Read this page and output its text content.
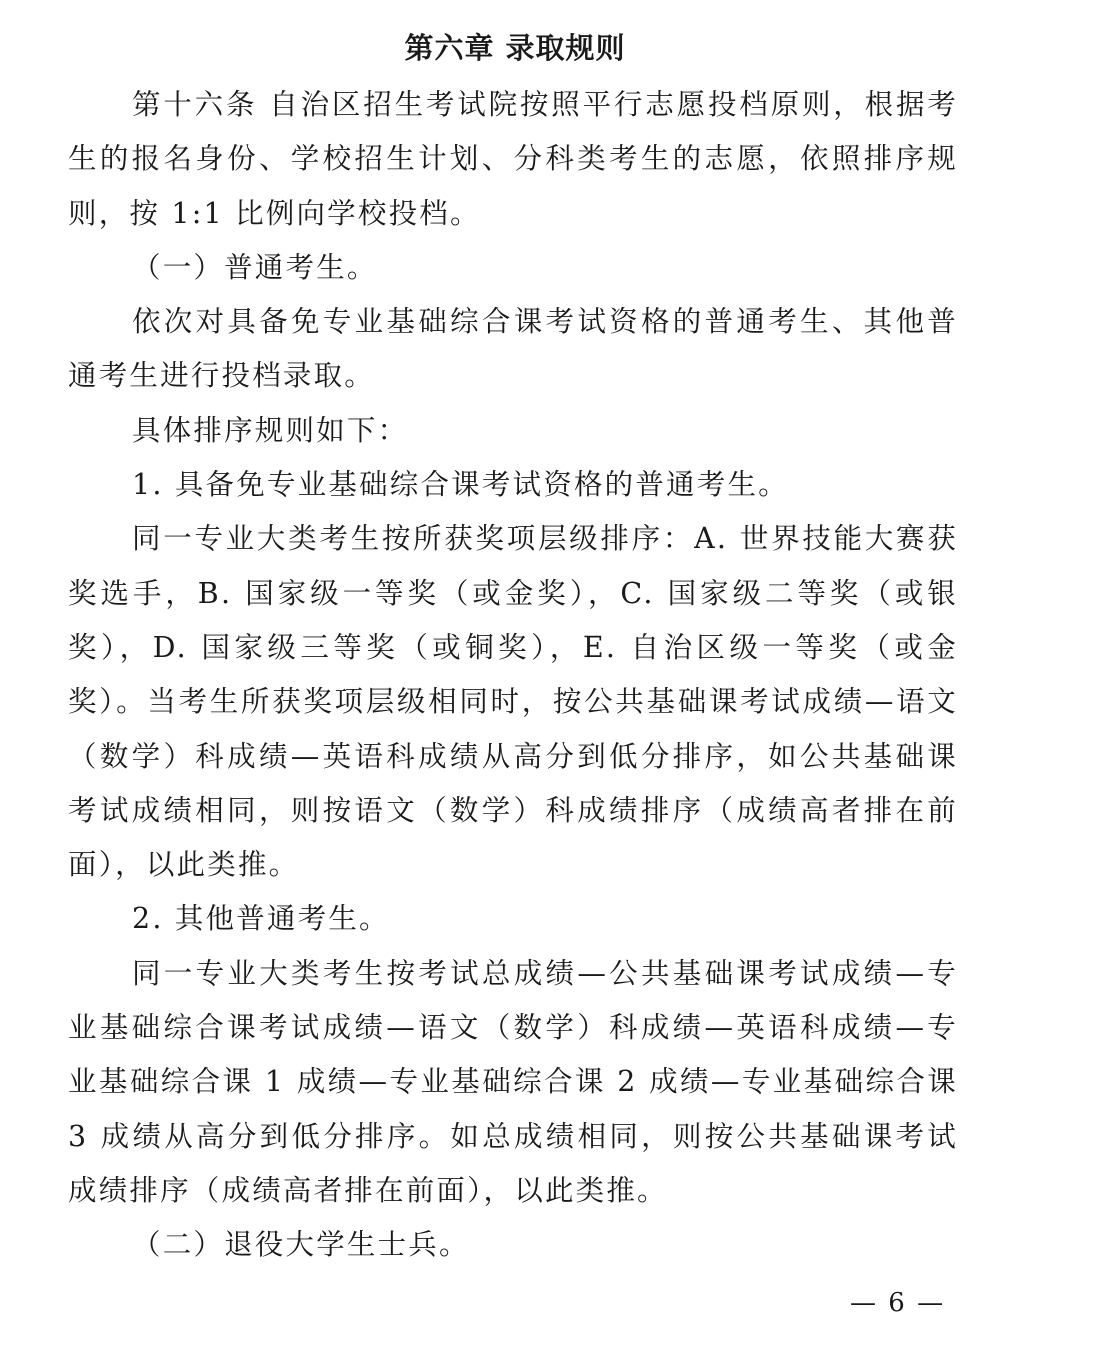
第六章 录取规则

第十六条 自治区招生考试院按照平行志愿投档原则，根据考生的报名身份、学校招生计划、分科类考生的志愿，依照排序规则，按 1:1 比例向学校投档。

（一）普通考生。

依次对具备免专业基础综合课考试资格的普通考生、其他普通考生进行投档录取。

具体排序规则如下：

1. 具备免专业基础综合课考试资格的普通考生。

同一专业大类考生按所获奖项层级排序：A. 世界技能大赛获奖选手，B. 国家级一等奖（或金奖），C. 国家级二等奖（或银奖），D. 国家级三等奖（或铜奖），E. 自治区级一等奖（或金奖）。当考生所获奖项层级相同时，按公共基础课考试成绩—语文（数学）科成绩—英语科成绩从高分到低分排序，如公共基础课考试成绩相同，则按语文（数学）科成绩排序（成绩高者排在前面），以此类推。

2. 其他普通考生。

同一专业大类考生按考试总成绩—公共基础课考试成绩—专业基础综合课考试成绩—语文（数学）科成绩—英语科成绩—专业基础综合课 1 成绩—专业基础综合课 2 成绩—专业基础综合课 3 成绩从高分到低分排序。如总成绩相同，则按公共基础课考试成绩排序（成绩高者排在前面），以此类推。

（二）退役大学生士兵。

— 6 —
